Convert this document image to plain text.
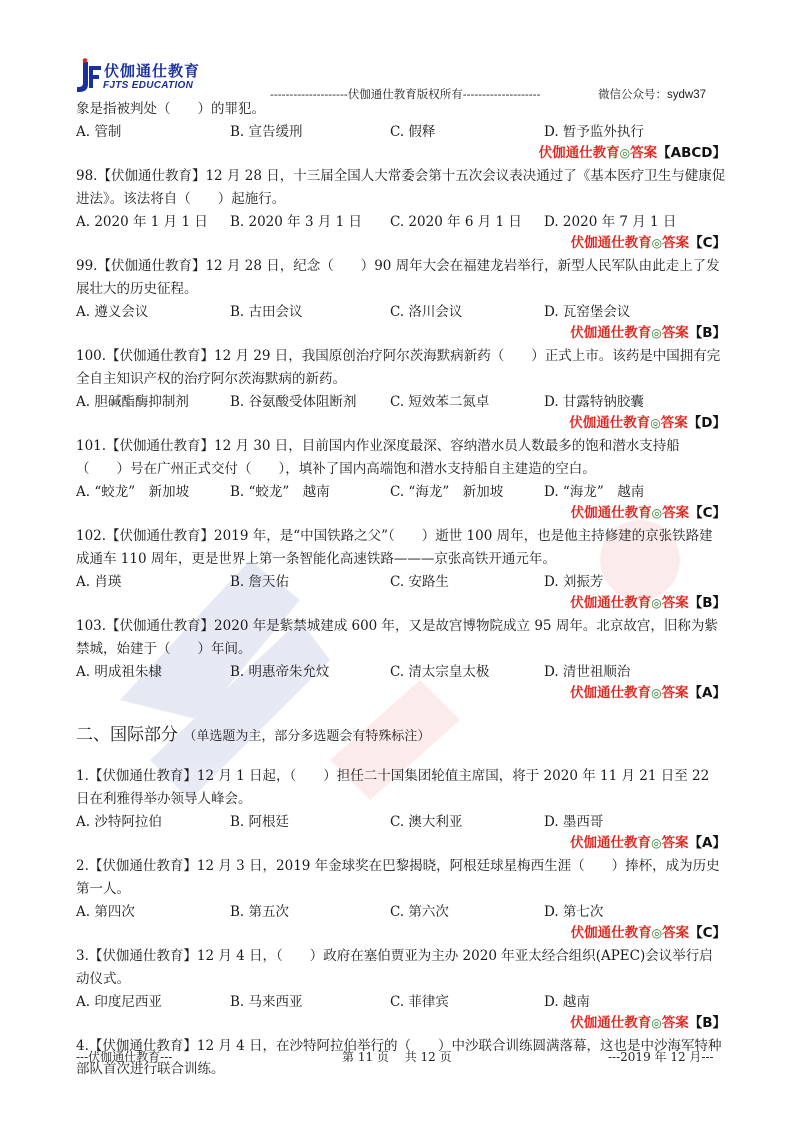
伏伽通仕教育
FJTS EDUCATION
--------------------伏伽通仕教育版权所有--------------------	微信公众号：sydw37

象是指被判处（　　）的罪犯。

A. 管制	B. 宣告缓刑	C. 假释	D. 暂予监外执行
伏伽通仕教育◎答案【ABCD】

98.【伏伽通仕教育】12 月 28 日，十三届全国人大常委会第十五次会议表决通过了《基本医疗卫生与健康促进法》。该法将自（　　）起施行。

A. 2020 年 1 月 1 日 B. 2020 年 3 月 1 日 C. 2020 年 6 月 1 日 D. 2020 年 7 月 1 日
伏伽通仕教育◎答案【C】

99.【伏伽通仕教育】12 月 28 日，纪念（　　）90 周年大会在福建龙岩举行，新型人民军队由此走上了发展壮大的历史征程。

A. 遵义会议	B. 古田会议	C. 洛川会议	D. 瓦窑堡会议
伏伽通仕教育◎答案【B】

100.【伏伽通仕教育】12 月 29 日，我国原创治疗阿尔茨海默病新药（　　）正式上市。该药是中国拥有完全自主知识产权的治疗阿尔茨海默病的新药。

A. 胆碱酯酶抑制剂	B. 谷氨酸受体阻断剂 C. 短效苯二氮卓	D. 甘露特钠胶囊
伏伽通仕教育◎答案【D】

101.【伏伽通仕教育】12 月 30 日，目前国内作业深度最深、容纳潜水员人数最多的饱和潜水支持船（　　）号在广州正式交付（　　），填补了国内高端饱和潜水支持船自主建造的空白。

A. “蛟龙”　新加坡	B. “蛟龙”　越南	C. “海龙”　新加坡	D. “海龙”　越南
伏伽通仕教育◎答案【C】

102.【伏伽通仕教育】2019 年，是“中国铁路之父”（　　）逝世 100 周年，也是他主持修建的京张铁路建成通车 110 周年，更是世界上第一条智能化高速铁路———京张高铁开通元年。

A. 肖瑛	B. 詹天佑	C. 安路生	D. 刘振芳
伏伽通仕教育◎答案【B】

103.【伏伽通仕教育】2020 年是紫禁城建成 600 年，又是故宫博物院成立 95 周年。北京故宫，旧称为紫禁城，始建于（　　）年间。

A. 明成祖朱棣	B. 明惠帝朱允炆	C. 清太宗皇太极	D. 清世祖顺治
伏伽通仕教育◎答案【A】
二、国际部分 （单选题为主，部分多选题会有特殊标注）

1.【伏伽通仕教育】12 月 1 日起，（　　）担任二十国集团轮值主席国，将于 2020 年 11 月 21 日至 22 日在利雅得举办领导人峰会。

A. 沙特阿拉伯	B. 阿根廷	C. 澳大利亚	D. 墨西哥
伏伽通仕教育◎答案【A】

2.【伏伽通仕教育】12 月 3 日，2019 年金球奖在巴黎揭晓，阿根廷球星梅西生涯（　　）捧杯，成为历史第一人。

A. 第四次	B. 第五次	C. 第六次	D. 第七次
伏伽通仕教育◎答案【C】

3.【伏伽通仕教育】12 月 4 日，（　　）政府在塞伯贾亚为主办 2020 年亚太经合组织(APEC)会议举行启动仪式。

A. 印度尼西亚	B. 马来西亚	C. 菲律宾	D. 越南
伏伽通仕教育◎答案【B】

4.【伏伽通仕教育】12 月 4 日，在沙特阿拉伯举行的（　　）中沙联合训练圆满落幕，这也是中沙海军特种部队首次进行联合训练。

---伏伽通仕教育---	第 11 页　 共 12 页	---2019 年 12 月---
